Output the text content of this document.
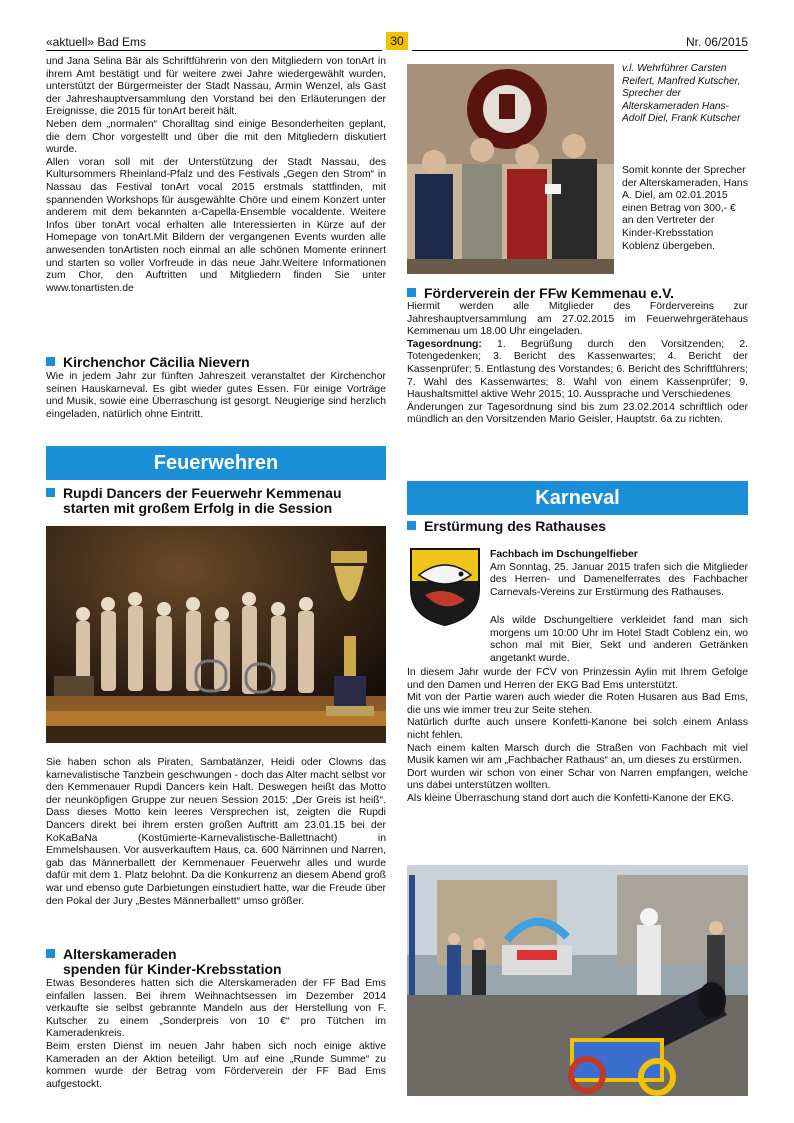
«aktuell» Bad Ems	30	Nr. 06/2015

und Jana Selina Bär als Schriftführerin von den Mitgliedern von tonArt in ihrem Amt bestätigt und für weitere zwei Jahre wiedergewählt wurden, unterstützt der Bürgermeister der Stadt Nassau, Armin Wenzel, als Gast der Jahreshauptversammlung den Vorstand bei den Erläuterungen der Ereignisse, die 2015 für tonArt bereit hält.

Neben dem „normalen“ Choralltag sind einige Besonderheiten geplant, die dem Chor vorgestellt und über die mit den Mitgliedern diskutiert wurde.

Allen voran soll mit der Unterstützung der Stadt Nassau, des Kultursommers Rheinland-Pfalz und des Festivals „Gegen den Strom“ in Nassau das Festival tonArt vocal 2015 erstmals stattfinden, mit spannenden Workshops für ausgewählte Chöre und einem Konzert unter anderem mit dem bekannten a-Capella-Ensemble vocaldente. Weitere Infos über tonArt vocal erhalten alle Interessierten in Kürze auf der Homepage von tonArt.Mit Bildern der vergangenen Events wurden alle anwesenden tonArtisten noch einmal an alle schönen Momente erinnert und starten so voller Vorfreude in das neue Jahr.Weitere Informationen zum Chor, den Auftritten und Mitgliedern finden Sie unter www.tonartisten.de

Kirchenchor Cäcilia Nievern

Wie in jedem Jahr zur fünften Jahreszeit veranstaltet der Kirchenchor seinen Hauskarneval. Es gibt wieder gutes Essen. Für einige Vorträge und Musik, sowie eine Überraschung ist gesorgt. Neugierige sind herzlich eingeladen, natürlich ohne Eintritt.

Feuerwehren
Rupdi Dancers der Feuerwehr Kemmenau
starten mit großem Erfolg in die Session

Sie haben schon als Piraten, Sambatänzer, Heidi oder Clowns das karnevalistische Tanzbein geschwungen - doch das Alter macht selbst vor den Kemmenauer Rupdi Dancers kein Halt. Deswegen heißt das Motto der neunköpfigen Gruppe zur neuen Session 2015: „Der Greis ist heiß“. Dass dieses Motto kein leeres Versprechen ist, zeigten die Rupdi Dancers direkt bei ihrem ersten großen Auftritt am 23.01.15 bei der KoKaBaNa (Kostümierte-Karnevalistische-Ballettnacht) in Emmelshausen. Vor ausverkauftem Haus, ca. 600 Närrinnen und Narren, gab das Männerballett der Kemmenauer Feuerwehr alles und wurde dafür mit dem 1. Platz belohnt. Da die Konkurrenz an diesem Abend groß war und ebenso gute Darbietungen einstudiert hatte, war die Freude über den Pokal der Jury „Bestes Männerballett“ umso größer.

Alterskameraden
spenden für Kinder-Krebsstation

Etwas Besonderes hatten sich die Alterskameraden der FF Bad Ems einfallen lassen. Bei ihrem Weihnachtsessen im Dezember 2014 verkaufte sie selbst gebrannte Mandeln aus der Herstellung von F. Kutscher zu einem „Sonderpreis von 10 €“ pro Tütchen im Kameradenkreis.

Beim ersten Dienst im neuen Jahr haben sich noch einige aktive Kameraden an der Aktion beteiligt. Um auf eine „Runde Summe“ zu kommen wurde der Betrag vom Förderverein der FF Bad Ems aufgestockt.

v.l. Wehrführer Carsten Reifert, Manfred Kutscher, Sprecher der Alterskameraden Hans-Adolf Diel, Frank Kutscher

Somit konnte der Sprecher der Alterskameraden, Hans A. Diel, am 02.01.2015 einen Betrag von 300,- € an den Vertreter der Kinder-Krebsstation Koblenz übergeben.

Förderverein der FFw Kemmenau e.V.

Hiermit werden alle Mitglieder des Fördervereins zur Jahreshauptversammlung am 27.02.2015 im Feuerwehrgerätehaus Kemmenau um 18.00 Uhr eingeladen.

Tagesordnung: 1. Begrüßung durch den Vorsitzenden; 2. Totengedenken; 3. Bericht des Kassenwartes; 4. Bericht der Kassenprüfer; 5. Entlastung des Vorstandes; 6. Bericht des Schriftführers; 7. Wahl des Kassenwartes; 8. Wahl von einem Kassenprüfer; 9. Haushaltsmittel aktive Wehr 2015; 10. Aussprache und Verschiedenes

Änderungen zur Tagesordnung sind bis zum 23.02.2014 schriftlich oder mündlich an den Vorsitzenden Mario Geisler, Hauptstr. 6a zu richten.

Karneval
Erstürmung des Rathauses

Fachbach im Dschungelfieber

Am Sonntag, 25. Januar 2015 trafen sich die Mitglieder des Herren- und Damenelferrates des Fachbacher Carnevals-Vereins zur Erstürmung des Rathauses.

Als wilde Dschungeltiere verkleidet fand man sich morgens um 10:00 Uhr im Hotel Stadt Coblenz ein, wo schon mal mit Bier, Sekt und anderen Getränken angetankt wurde.

In diesem Jahr wurde der FCV von Prinzessin Aylin mit Ihrem Gefolge und den Damen und Herren der EKG Bad Ems unterstützt.

Mit von der Partie waren auch wieder die Roten Husaren aus Bad Ems, die uns wie immer treu zur Seite stehen.

Natürlich durfte auch unsere Konfetti-Kanone bei solch einem Anlass nicht fehlen.

Nach einem kalten Marsch durch die Straßen von Fachbach mit viel Musik kamen wir am „Fachbacher Rathaus“ an, um dieses zu erstürmen.

Dort wurden wir schon von einer Schar von Narren empfangen, welche uns dabei unterstützen wollten.

Als kleine Überraschung stand dort auch die Konfetti-Kanone der EKG.
